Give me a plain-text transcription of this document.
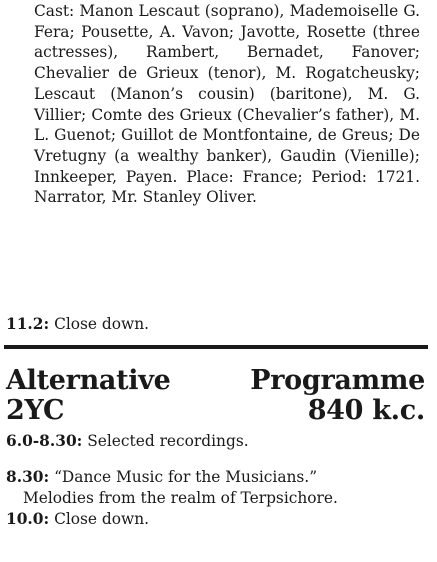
Cast: Manon Lescaut (soprano), Mademoiselle G. Fera; Pousette, A. Vavon; Javotte, Rosette (three actresses), Rambert, Bernadet, Fanover; Chevalier de Grieux (tenor), M. Rogatcheusky; Lescaut (Manon’s cousin) (baritone), M. G. Villier; Comte des Grieux (Chevalier’s father), M. L. Guenot; Guillot de Montfontaine, de Greus; De Vretugny (a wealthy banker), Gaudin (Vienille); Innkeeper, Payen. Place: France; Period: 1721. Narrator, Mr. Stanley Oliver.

11.2: Close down.
Alternative
2YC
Programme
840 k.c.
6.0-8.30: Selected recordings.
8.30: “Dance Music for the Musicians.”
Melodies from the realm of Terpsichore.
10.0: Close down.
